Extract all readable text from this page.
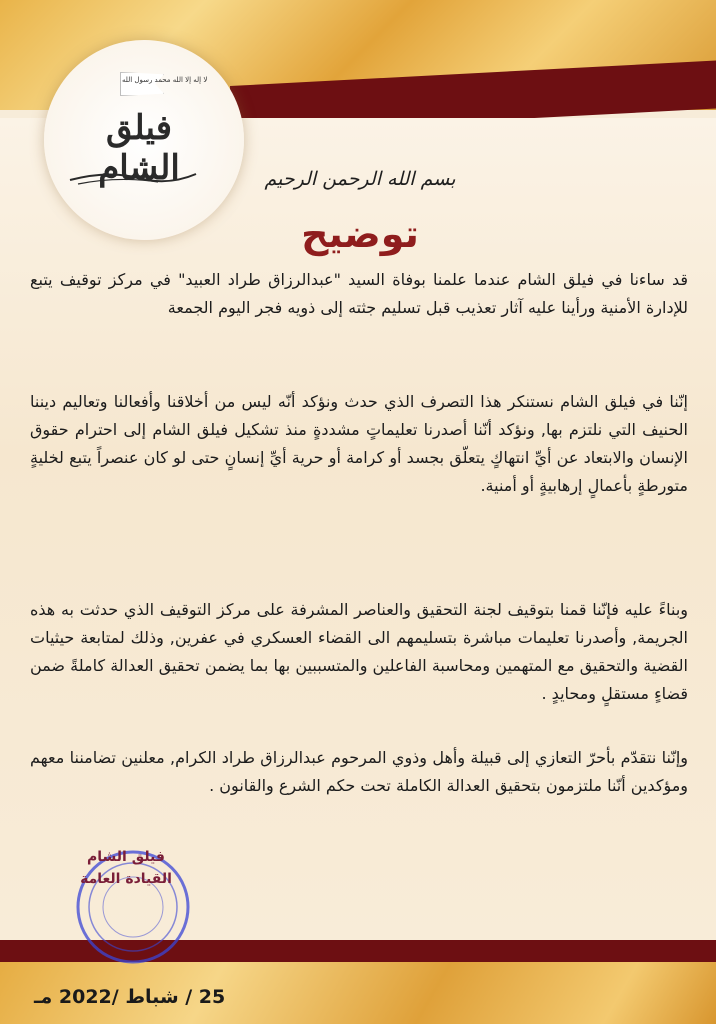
لا إله إلا الله محمد رسول الله
فيلق الشام	بسم الله الرحمن الرحيم
توضيح
قد ساءنا في فيلق الشام عندما علمنا بوفاة السيد "عبدالرزاق طراد العبيد" في مركز توقيف يتبع للإدارة الأمنية ورأينا عليه آثار تعذيب قبل تسليم جثته إلى ذويه فجر اليوم الجمعة
إنّنا في فيلق الشام نستنكر هذا التصرف الذي حدث ونؤكد أنّه ليس من أخلاقنا وأفعالنا وتعاليم ديننا الحنيف التي نلتزم بها, ونؤكد أنّنا أصدرنا تعليماتٍ مشددةٍ منذ تشكيل فيلق الشام إلى احترام حقوق الإنسان والابتعاد عن أيِّ انتهاكٍ يتعلّق بجسد أو كرامة أو حرية أيِّ إنسانٍ حتى لو كان عنصراً يتبع لخليةٍ متورطةٍ بأعمالٍ إرهابيةٍ أو أمنية.
وبناءً عليه فإنّنا قمنا بتوقيف لجنة التحقيق والعناصر المشرفة على مركز التوقيف الذي حدثت به هذه الجريمة, وأصدرنا تعليمات مباشرة بتسليمهم الى القضاء العسكري في عفرين, وذلك لمتابعة حيثيات القضية والتحقيق مع المتهمين ومحاسبة الفاعلين والمتسببين بها بما يضمن تحقيق العدالة كاملةً ضمن قضاءٍ مستقلٍ ومحايدٍ .
وإنّنا نتقدّم بأحرّ التعازي إلى قبيلة وأهل وذوي المرحوم عبدالرزاق طراد الكرام, معلنين تضامننا معهم ومؤكدين أنّنا ملتزمون بتحقيق العدالة الكاملة تحت حكم الشرع والقانون .
فيلق الشام
القيادة العامة
25 / شباط /2022 مـ
